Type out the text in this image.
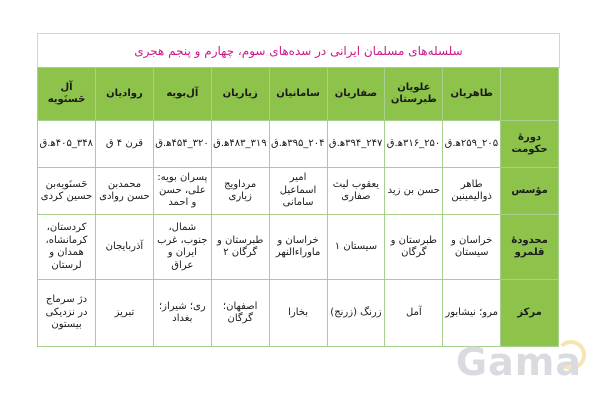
سلسله‌های مسلمان ایرانی در سده‌های سوم، چهارم و پنجم هجری
	طاهریان	علویان طبرستان	صفاریان	سامانیان	زیاریان	آل‌بویه	روادیان	آل حَسنَویه
دورهٔ حکومت	۲۰۵_۲۵۹ه‍.ق	۲۵۰_۳۱۶ه‍.ق	۲۴۷_۳۹۴ه‍.ق	۲۰۴_۳۹۵ه‍.ق	۳۱۹_۴۸۳ه‍.ق	۳۲۰_۴۵۴ه‍.ق	قرن ۴ ق	۳۴۸_۴۰۵ه‍.ق
مؤسس	طاهر ذوالیمینین	حسن بن زید	یعقوب لیث صفاری	امیر اسماعیل سامانی	مرداویج زیاری	پسران بویه: علی، حسن و احمد	محمدبن حسن روادی	حَسنَویه‌بن حسین کردی
محدودهٔ قلمرو	خراسان و سیستان	طبرستان و گرگان	سیستان ۱	خراسان و ماوراءالنهر	طبرستان و گرگان ۲	شمال، جنوب، غرب ایران و عراق	آذربایجان	کردستان، کرمانشاه، همدان و لرستان
مرکز	مرو؛ نیشابور	آمل	زرنگ (زرنج)	بخارا	اصفهان؛ گرگان	ری؛ شیراز؛ بغداد	تبریز	دژ سرماج در نزدیکی بیستون
Gama
